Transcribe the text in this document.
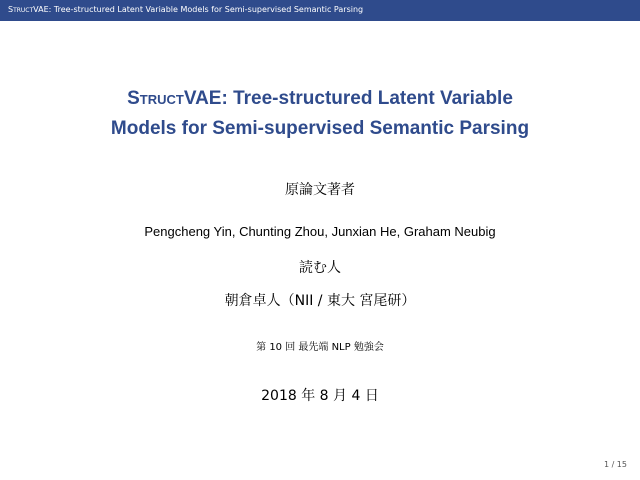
StructVAE: Tree-structured Latent Variable Models for Semi-supervised Semantic Parsing
StructVAE: Tree-structured Latent Variable
Models for Semi-supervised Semantic Parsing
原論文著者
Pengcheng Yin, Chunting Zhou, Junxian He, Graham Neubig
読む人
朝倉卓人（NII / 東大 宮尾研）
第 10 回 最先端 NLP 勉強会
2018 年 8 月 4 日
1 / 15
